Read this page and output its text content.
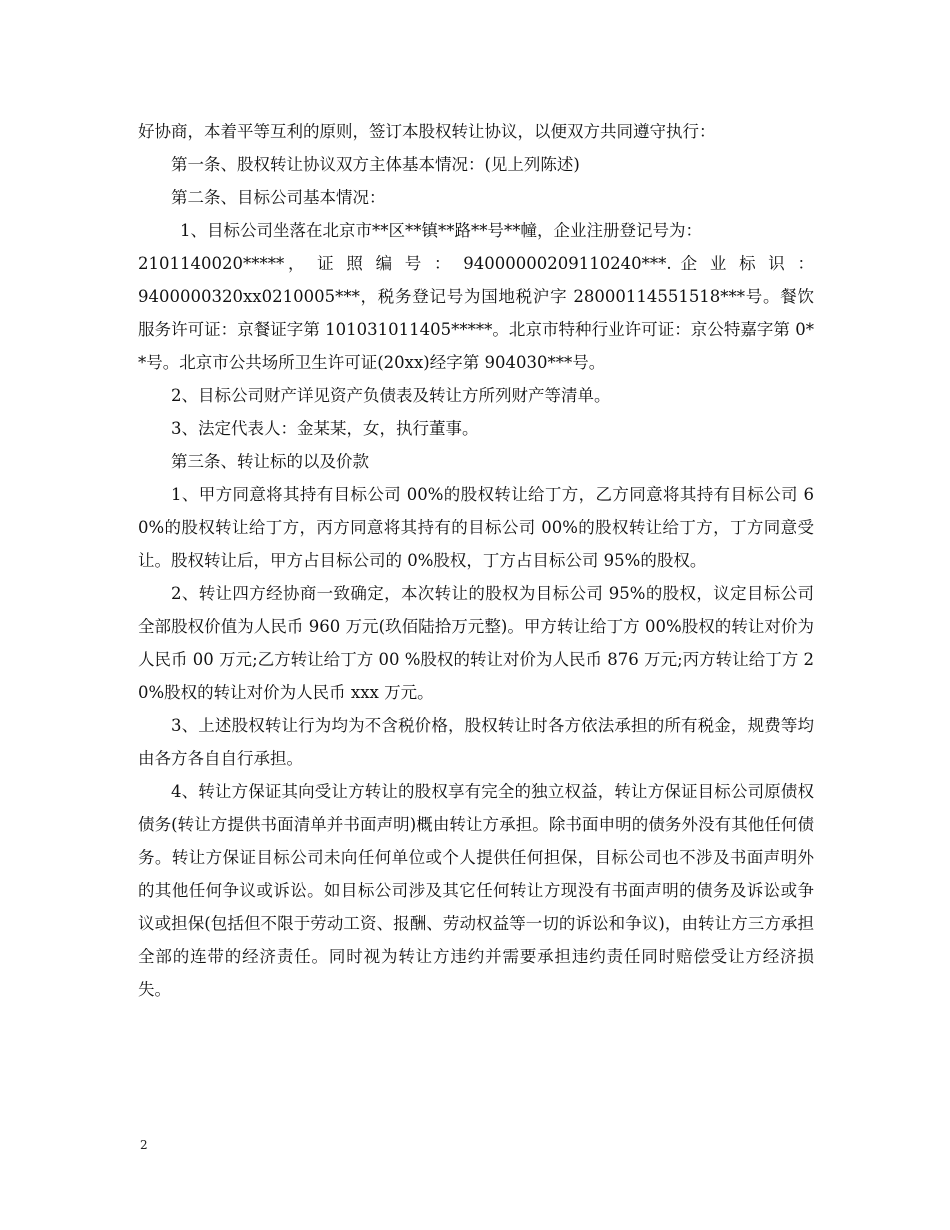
好协商，本着平等互利的原则，签订本股权转让协议，以便双方共同遵守执行：

第一条、股权转让协议双方主体基本情况：(见上列陈述)

第二条、目标公司基本情况：

1、目标公司坐落在北京市**区**镇**路**号**幢，企业注册登记号为：

2101140020*****， 证 照 编 号 ： 94000000209110240***. 企 业 标 识 ：

9400000320xx0210005***，税务登记号为国地税沪字 28000114551518***号。餐饮服务许可证：京餐证字第 101031011405*****。北京市特种行业许可证：京公特嘉字第 0**号。北京市公共场所卫生许可证(20xx)经字第 904030***号。

2、目标公司财产详见资产负债表及转让方所列财产等清单。

3、法定代表人：金某某，女，执行董事。

第三条、转让标的以及价款

1、甲方同意将其持有目标公司 00%的股权转让给丁方，乙方同意将其持有目标公司 60%的股权转让给丁方，丙方同意将其持有的目标公司 00%的股权转让给丁方，丁方同意受让。股权转让后，甲方占目标公司的 0%股权，丁方占目标公司 95%的股权。

2、转让四方经协商一致确定，本次转让的股权为目标公司 95%的股权，议定目标公司全部股权价值为人民币 960 万元(玖佰陆拾万元整)。甲方转让给丁方 00%股权的转让对价为人民币 00 万元;乙方转让给丁方 00 %股权的转让对价为人民币 876 万元;丙方转让给丁方 20%股权的转让对价为人民币 xxx 万元。

3、上述股权转让行为均为不含税价格，股权转让时各方依法承担的所有税金，规费等均由各方各自自行承担。

4、转让方保证其向受让方转让的股权享有完全的独立权益，转让方保证目标公司原债权债务(转让方提供书面清单并书面声明)概由转让方承担。除书面申明的债务外没有其他任何债务。转让方保证目标公司未向任何单位或个人提供任何担保，目标公司也不涉及书面声明外的其他任何争议或诉讼。如目标公司涉及其它任何转让方现没有书面声明的债务及诉讼或争议或担保(包括但不限于劳动工资、报酬、劳动权益等一切的诉讼和争议)，由转让方三方承担全部的连带的经济责任。同时视为转让方违约并需要承担违约责任同时赔偿受让方经济损失。

2
